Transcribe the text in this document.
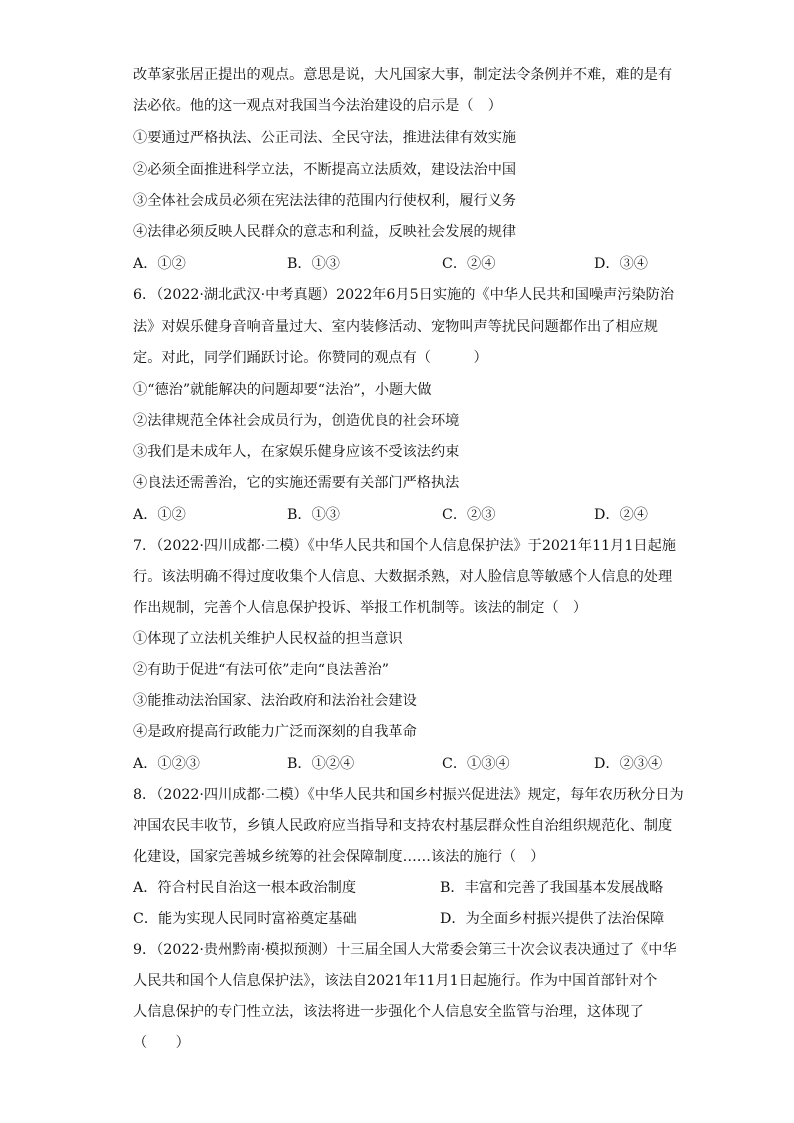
改革家张居正提出的观点。意思是说，大凡国家大事，制定法令条例并不难，难的是有
法必依。他的这一观点对我国当今法治建设的启示是（　）
①要通过严格执法、公正司法、全民守法，推进法律有效实施
②必须全面推进科学立法，不断提高立法质效，建设法治中国
③全体社会成员必须在宪法法律的范围内行使权利，履行义务
④法律必须反映人民群众的意志和利益，反映社会发展的规律
A．①②	B．①③	C．②④	D．③④
6．（2022·湖北武汉·中考真题）2022年6月5日实施的《中华人民共和国噪声污染防治
法》对娱乐健身音响音量过大、室内装修活动、宠物叫声等扰民问题都作出了相应规
定。对此，同学们踊跃讨论。你赞同的观点有（　　　）
①“德治”就能解决的问题却要“法治”，小题大做
②法律规范全体社会成员行为，创造优良的社会环境
③我们是未成年人，在家娱乐健身应该不受该法约束
④良法还需善治，它的实施还需要有关部门严格执法
A．①②	B．①③	C．②③	D．②④
7．（2022·四川成都·二模）《中华人民共和国个人信息保护法》于2021年11月1日起施
行。该法明确不得过度收集个人信息、大数据杀熟，对人脸信息等敏感个人信息的处理
作出规制，完善个人信息保护投诉、举报工作机制等。该法的制定（　）
①体现了立法机关维护人民权益的担当意识
②有助于促进“有法可依”走向“良法善治”
③能推动法治国家、法治政府和法治社会建设
④是政府提高行政能力广泛而深刻的自我革命
A．①②③	B．①②④	C．①③④	D．②③④
8．（2022·四川成都·二模）《中华人民共和国乡村振兴促进法》规定，每年农历秋分日为
冲国农民丰收节，乡镇人民政府应当指导和支持农村基层群众性自治组织规范化、制度
化建设，国家完善城乡统筹的社会保障制度……该法的施行（　）
A．符合村民自治这一根本政治制度	B．丰富和完善了我国基本发展战略
C．能为实现人民同时富裕奠定基础	D．为全面乡村振兴提供了法治保障
9．（2022·贵州黔南·模拟预测）十三届全国人大常委会第三十次会议表决通过了《中华
人民共和国个人信息保护法》，该法自2021年11月1日起施行。作为中国首部针对个
人信息保护的专门性立法，该法将进一步强化个人信息安全监管与治理，这体现了
（　　）
